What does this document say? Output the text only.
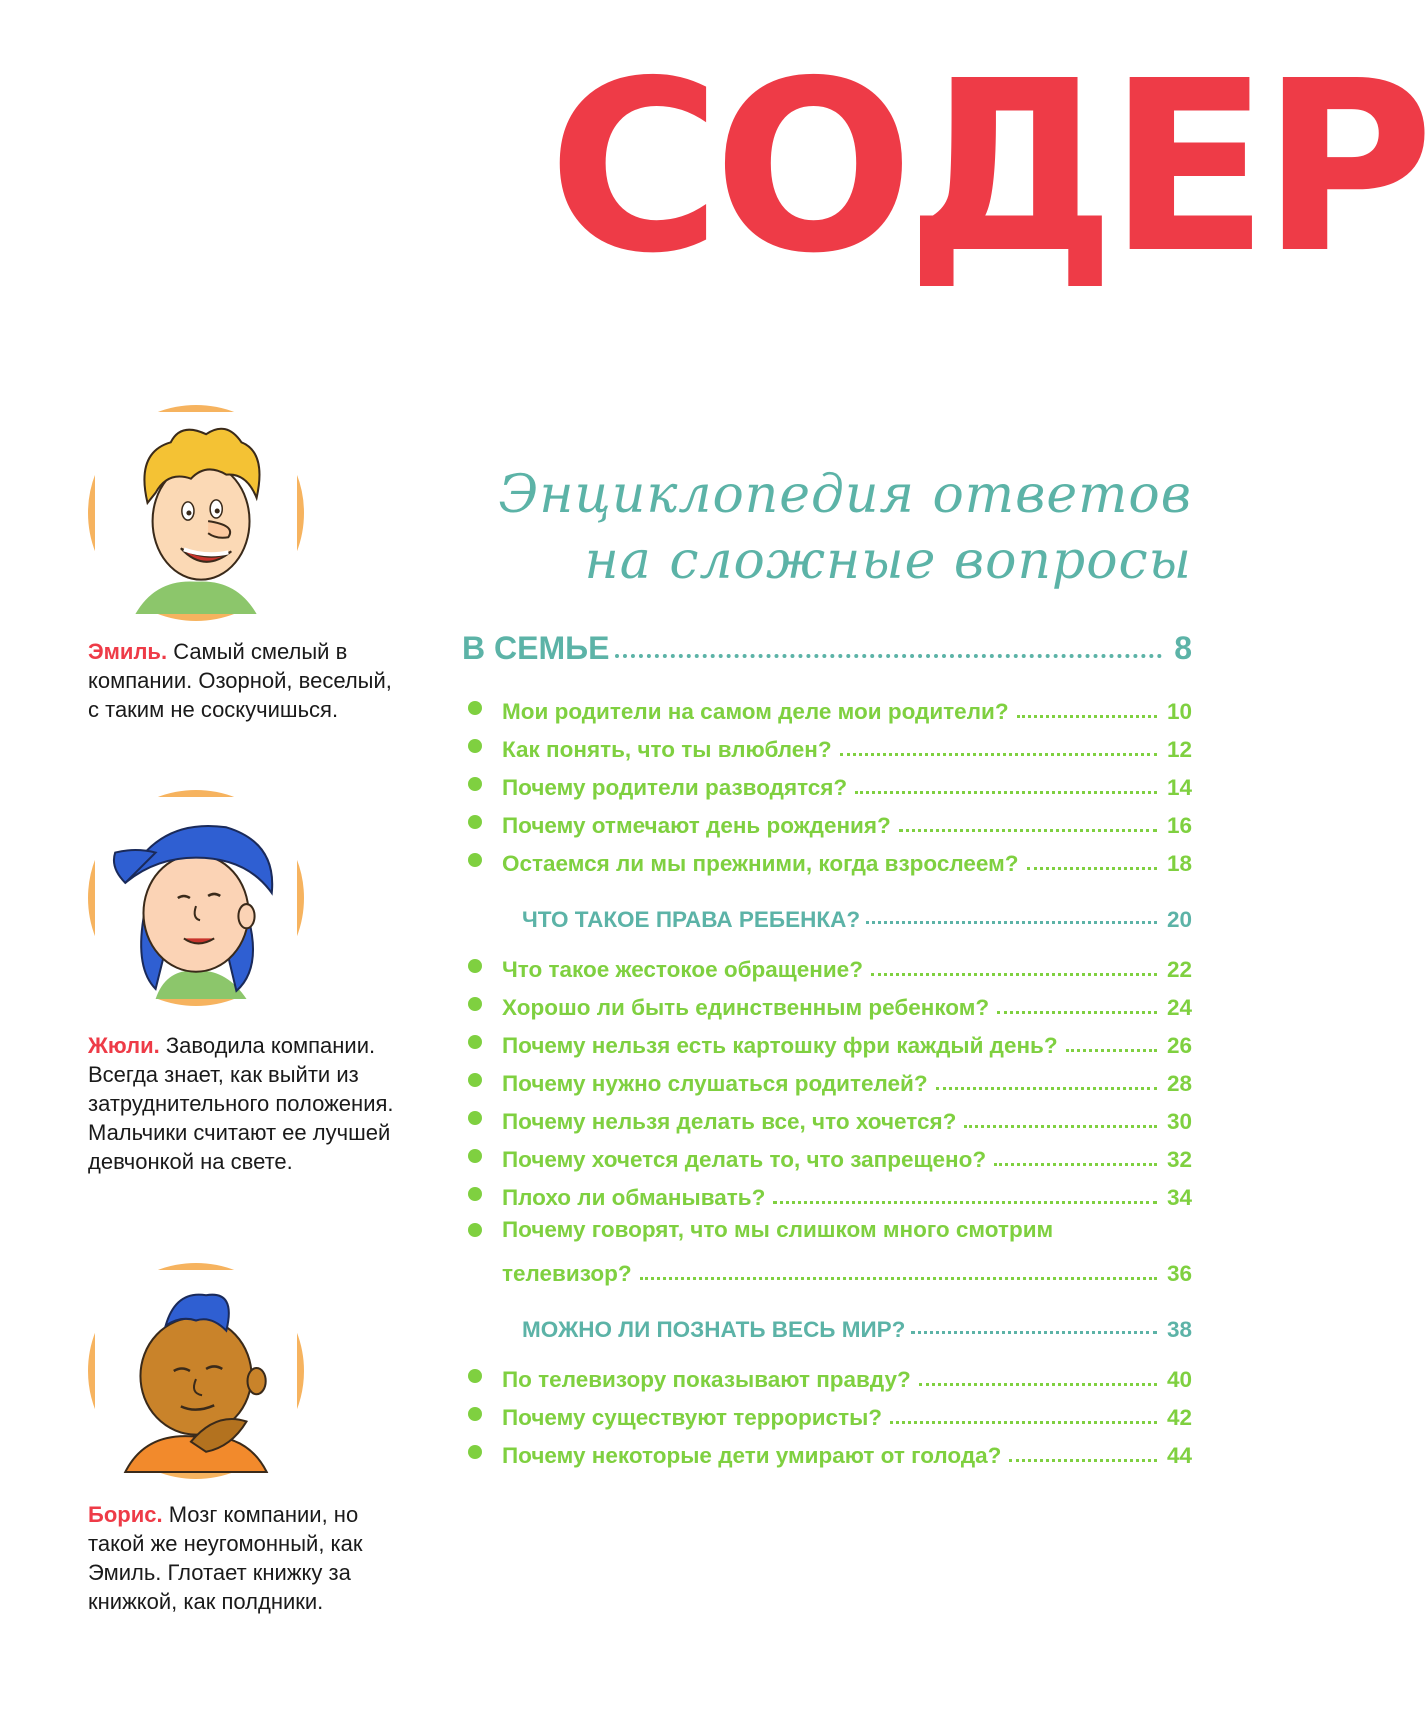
СОДЕР
Энциклопедия ответов
на сложные вопросы
Эмиль. Самый смелый в компании. Озорной, веселый, с таким не соскучишься.
Жюли. Заводила компании. Всегда знает, как выйти из затруднительного положения. Мальчики считают ее лучшей девчонкой на свете.
Борис. Мозг компании, но такой же неугомонный, как Эмиль. Глотает книжку за книжкой, как полдники.
В СЕМЬЕ	8
Мои родители на самом деле мои родители?	10
Как понять, что ты влюблен?	12
Почему родители разводятся?	14
Почему отмечают день рождения?	16
Остаемся ли мы прежними, когда взрослеем?	18
ЧТО ТАКОЕ ПРАВА РЕБЕНКА?	20
Что такое жестокое обращение?	22
Хорошо ли быть единственным ребенком?	24
Почему нельзя есть картошку фри каждый день?	26
Почему нужно слушаться родителей?	28
Почему нельзя делать все, что хочется?	30
Почему хочется делать то, что запрещено?	32
Плохо ли обманывать?	34
Почему говорят, что мы слишком много смотрим
телевизор?	36
МОЖНО ЛИ ПОЗНАТЬ ВЕСЬ МИР?	38
По телевизору показывают правду?	40
Почему существуют террористы?	42
Почему некоторые дети умирают от голода?	44
